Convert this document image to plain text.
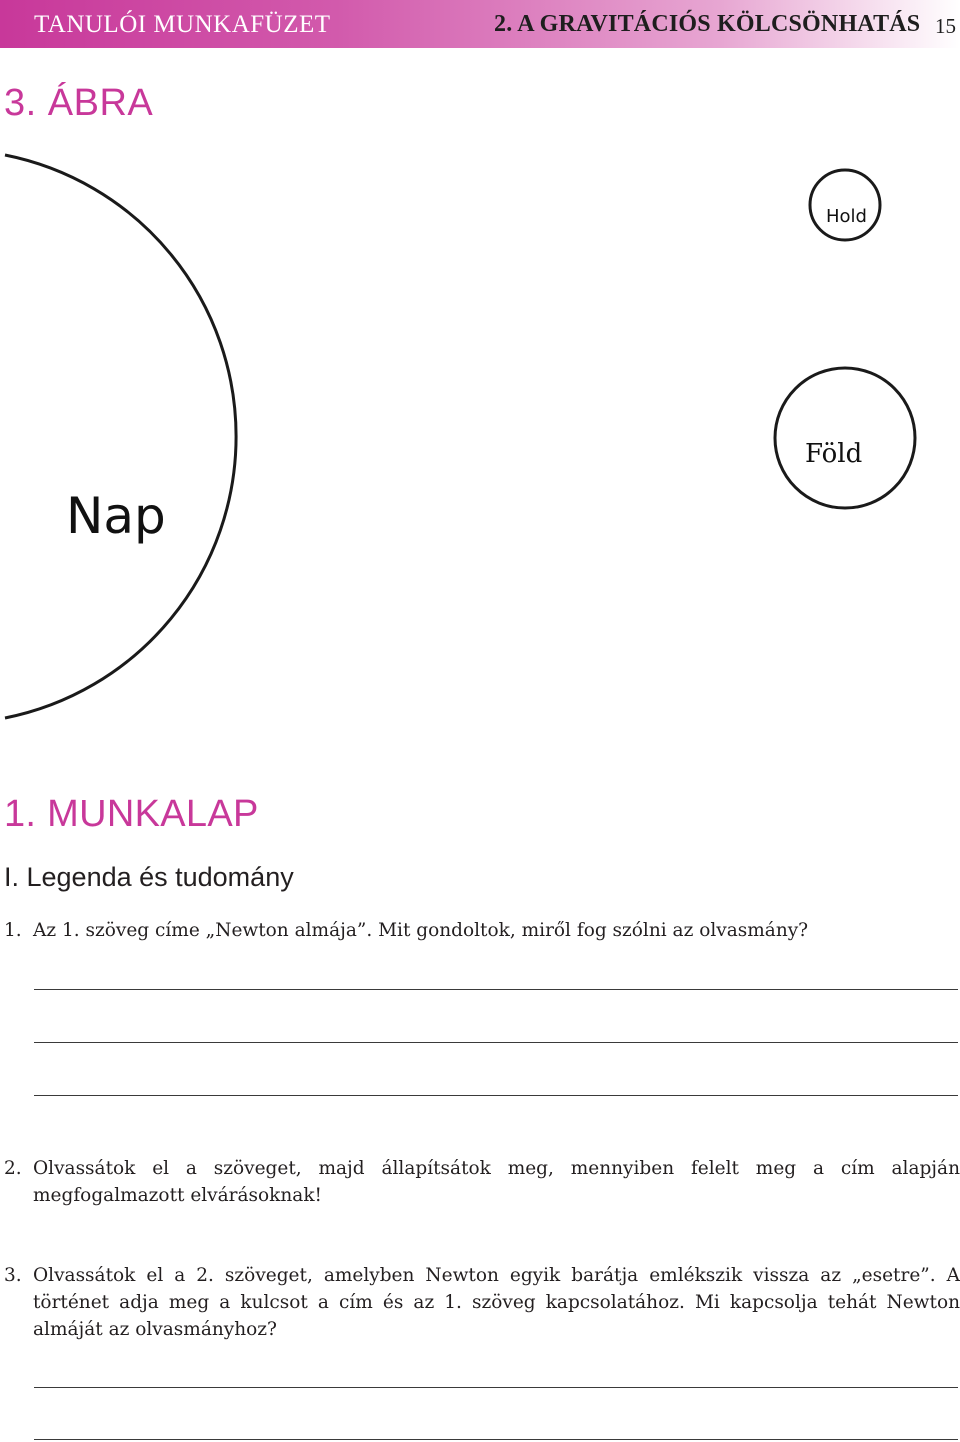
TANULÓI MUNKAFÜZET	2. A GRAVITÁCIÓS KÖLCSÖNHATÁS 15
3. ÁBRA
Nap
Föld
Hold
1. MUNKALAP
I. Legenda és tudomány
1. Az 1. szöveg címe „Newton almája”. Mit gondoltok, miről fog szólni az olvasmány?
2. Olvassátok el a szöveget, majd állapítsátok meg, mennyiben felelt meg a cím alapján megfogalmazott elvárásoknak!
3. Olvassátok el a 2. szöveget, amelyben Newton egyik barátja emlékszik vissza az „esetre”. A történet adja meg a kulcsot a cím és az 1. szöveg kapcsolatához. Mi kapcsolja tehát Newton almáját az olvasmányhoz?
